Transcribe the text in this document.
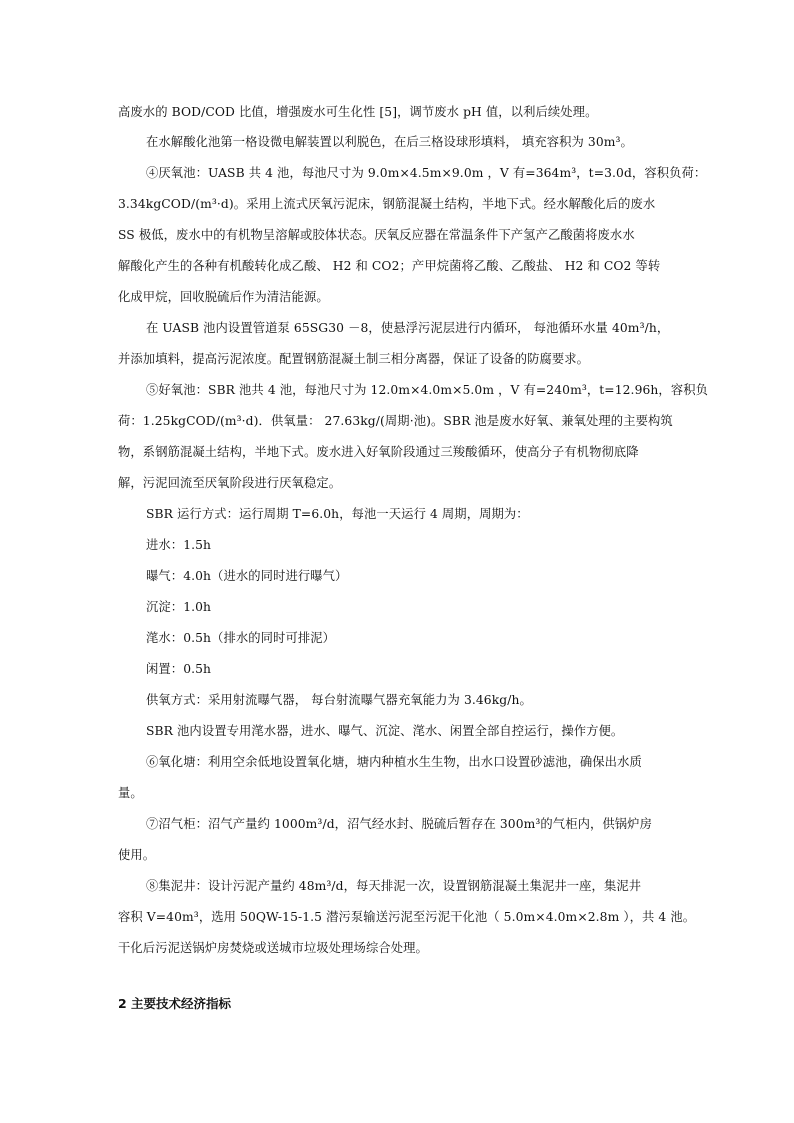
高废水的 BOD/COD 比值，增强废水可生化性 [5]，调节废水 pH 值，以利后续处理。
在水解酸化池第一格设微电解装置以利脱色，在后三格设球形填料， 填充容积为 30m³。
④厌氧池：UASB 共 4 池，每池尺寸为 9.0m×4.5m×9.0m ，V 有=364m³，t=3.0d，容积负荷：
3.34kgCOD/(m³·d)。采用上流式厌氧污泥床，钢筋混凝土结构，半地下式。经水解酸化后的废水
SS 极低，废水中的有机物呈溶解或胶体状态。厌氧反应器在常温条件下产氢产乙酸菌将废水水
解酸化产生的各种有机酸转化成乙酸、 H2 和 CO2；产甲烷菌将乙酸、乙酸盐、 H2 和 CO2 等转
化成甲烷，回收脱硫后作为清洁能源。
在 UASB 池内设置管道泵 65SG30 －8，使悬浮污泥层进行内循环， 每池循环水量 40m³/h，
并添加填料，提高污泥浓度。配置钢筋混凝土制三相分离器，保证了设备的防腐要求。
⑤好氧池：SBR 池共 4 池，每池尺寸为 12.0m×4.0m×5.0m ，V 有=240m³，t=12.96h，容积负
荷：1.25kgCOD/(m³·d)．供氧量： 27.63kg/(周期·池)。SBR 池是废水好氧、兼氧处理的主要构筑
物，系钢筋混凝土结构，半地下式。废水进入好氧阶段通过三羧酸循环，使高分子有机物彻底降
解，污泥回流至厌氧阶段进行厌氧稳定。
SBR 运行方式：运行周期 T=6.0h，每池一天运行 4 周期，周期为：
进水：1.5h
曝气：4.0h（进水的同时进行曝气）
沉淀：1.0h
滗水：0.5h（排水的同时可排泥）
闲置：0.5h
供氧方式：采用射流曝气器， 每台射流曝气器充氧能力为 3.46kg/h。
SBR 池内设置专用滗水器，进水、曝气、沉淀、滗水、闲置全部自控运行，操作方便。
⑥氧化塘：利用空余低地设置氧化塘，塘内种植水生生物，出水口设置砂滤池，确保出水质
量。
⑦沼气柜：沼气产量约 1000m³/d，沼气经水封、脱硫后暂存在 300m³的气柜内，供锅炉房
使用。
⑧集泥井：设计污泥产量约 48m³/d，每天排泥一次，设置钢筋混凝土集泥井一座，集泥井
容积 V=40m³，选用 50QW-15-1.5 潜污泵输送污泥至污泥干化池（ 5.0m×4.0m×2.8m ），共 4 池。
干化后污泥送锅炉房焚烧或送城市垃圾处理场综合处理。
2 主要技术经济指标
